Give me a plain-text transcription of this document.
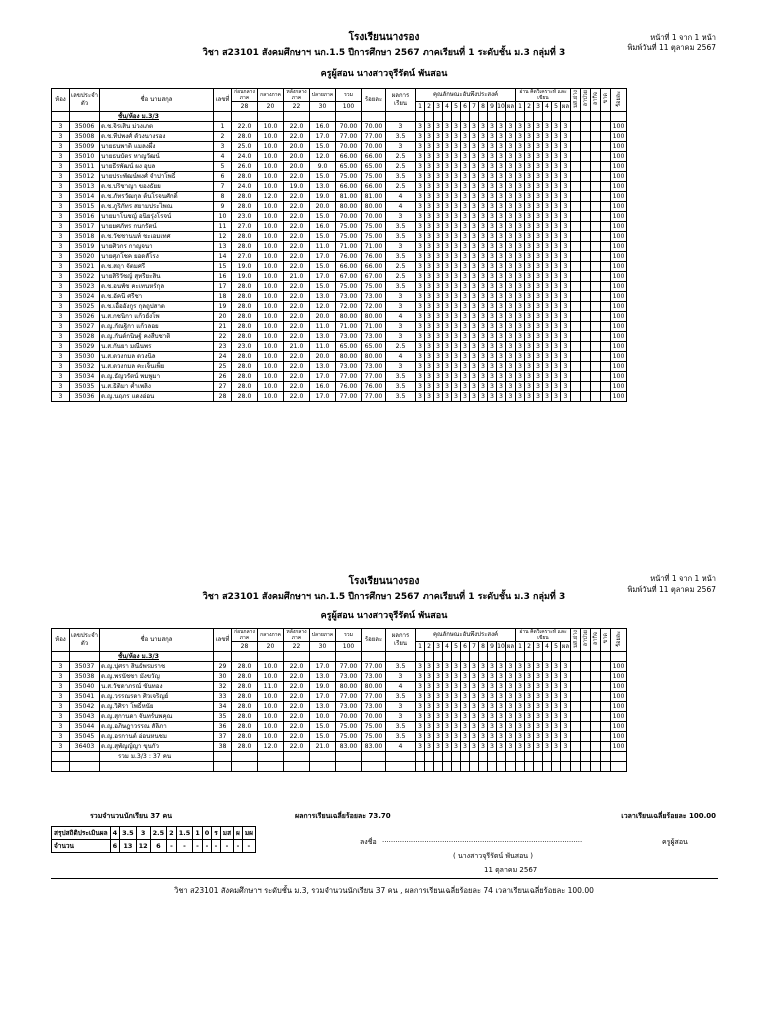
โรงเรียนนางรอง	หน้าที่ 1 จาก 1 หน้า
พิมพ์วันที่ 11 ตุลาคม 2567
วิชา ส23101 สังคมศึกษาฯ นก.1.5 ปีการศึกษา 2567 ภาคเรียนที่ 1 ระดับชั้น ม.3 กลุ่มที่ 3
ครูผู้สอน นางสาวจุรีรัตน์ พันสอน
ห้อง	เลขประจำตัว	ชื่อ นามสกุล	เลขที่	ก่อนกลางภาค	กลางภาค	หลังกลางภาค	ปลายภาค	รวม	ร้อยละ	ผลการเรียน	คุณลักษณะอันพึงประสงค์											อ่าน คิดวิเคราะห์ และเขียน						มส.ย่าง	ลาป่วย	ลากิจ	ขาด	ร้อยละ
											1	2	3	4	5	6	7	8	9	10	ผล	1	2	3	4	5	ผล					
				28	20	22	30	100																								
		ชั้น/ห้อง ม.3/3																														
3	35006	ด.ช.จิรเสิน ม่วงเภต	1	22.0	10.0	22.0	16.0	70.00	70.00	3	3	3	3	3	3	3	3	3	3	3	3	3	3	3	3	3	3					100
3	35008	ด.ช.ทีปพงศ์ ตัวงนางรอง	2	28.0	10.0	22.0	17.0	77.00	77.00	3.5	3	3	3	3	3	3	3	3	3	3	3	3	3	3	3	3	3					100
3	35009	นายธนพาติ แมลงผึ้ง	3	25.0	10.0	20.0	15.0	70.00	70.00	3	3	3	3	3	3	3	3	3	3	3	3	3	3	3	3	3	3					100
3	35010	นายธนบัตร หาญวัฒน์	4	24.0	10.0	20.0	12.0	66.00	66.00	2.5	3	3	3	3	3	3	3	3	3	3	3	3	3	3	3	3	3					100
3	35011	นายธีรพัฒน์ ผง อุบล	5	26.0	10.0	20.0	9.0	65.00	65.00	2.5	3	3	3	3	3	3	3	3	3	3	3	3	3	3	3	3	3					100
3	35012	นายประพัฒน์พงศ์ จำปาโพธิ์	6	28.0	10.0	22.0	15.0	75.00	75.00	3.5	3	3	3	3	3	3	3	3	3	3	3	3	3	3	3	3	3					100
3	35013	ด.ช.ปริชาญา ของธัยย	7	24.0	10.0	19.0	13.0	66.00	66.00	2.5	3	3	3	3	3	3	3	3	3	3	3	3	3	3	3	3	3					100
3	35014	ด.ช.ภัทรวัฒกุล ต้นโรจนศักดิ์	8	28.0	12.0	22.0	19.0	81.00	81.00	4	3	3	3	3	3	3	3	3	3	3	3	3	3	3	3	3	3					100
3	35015	ด.ช.ภูริภัทร สยามประไพณ	9	28.0	10.0	22.0	20.0	80.00	80.00	4	3	3	3	3	3	3	3	3	3	3	3	3	3	3	3	3	3					100
3	35016	นายมาโนชญ์ อนิยรุ่งโรจน์	10	23.0	10.0	22.0	15.0	70.00	70.00	3	3	3	3	3	3	3	3	3	3	3	3	3	3	3	3	3	3					100
3	35017	นายยศภัทร กนกรัตน์	11	27.0	10.0	22.0	16.0	75.00	75.00	3.5	3	3	3	3	3	3	3	3	3	3	3	3	3	3	3	3	3					100
3	35018	ด.ช.วัชชานนท์ ชะเอมเทศ	12	28.0	10.0	22.0	15.0	75.00	75.00	3.5	3	3	3	3	3	3	3	3	3	3	3	3	3	3	3	3	3					100
3	35019	นายศิวกร กาญจนา	13	28.0	10.0	22.0	11.0	71.00	71.00	3	3	3	3	3	3	3	3	3	3	3	3	3	3	3	3	3	3					100
3	35020	นายศุภโชค ยอดสัโรง	14	27.0	10.0	22.0	17.0	76.00	76.00	3.5	3	3	3	3	3	3	3	3	3	3	3	3	3	3	3	3	3					100
3	35021	ด.ช.สฤา จัตมศรี	15	19.0	10.0	22.0	15.0	66.00	66.00	2.5	3	3	3	3	3	3	3	3	3	3	3	3	3	3	3	3	3					100
3	35022	นายสิริวัชญ์ สุทรียะสิน	16	19.0	10.0	21.0	17.0	67.00	67.00	2.5	3	3	3	3	3	3	3	3	3	3	3	3	3	3	3	3	3					100
3	35023	ด.ช.อนพัช คะเทนหร์กุล	17	28.0	10.0	22.0	15.0	75.00	75.00	3.5	3	3	3	3	3	3	3	3	3	3	3	3	3	3	3	3	3					100
3	35024	ด.ช.อัคนี ศรีชา	18	28.0	10.0	22.0	13.0	73.00	73.00	3	3	3	3	3	3	3	3	3	3	3	3	3	3	3	3	3	3					100
3	35025	ด.ช.เอื้ออังกูร กุลถูปสาด	19	28.0	10.0	22.0	12.0	72.00	72.00	3	3	3	3	3	3	3	3	3	3	3	3	3	3	3	3	3	3					100
3	35026	น.ส.กชนิกา แก้วยั่งโพ	20	28.0	10.0	22.0	20.0	80.00	80.00	4	3	3	3	3	3	3	3	3	3	3	3	3	3	3	3	3	3					100
3	35027	ด.ญ.กัณฐิกา แก้วลอย	21	28.0	10.0	22.0	11.0	71.00	71.00	3	3	3	3	3	3	3	3	3	3	3	3	3	3	3	3	3	3					100
3	35028	ด.ญ.กันต์กนิษฐ์ คงสืบชาติ	22	28.0	10.0	22.0	13.0	73.00	73.00	3	3	3	3	3	3	3	3	3	3	3	3	3	3	3	3	3	3					100
3	35029	น.ส.กันยา มณีนพร	23	23.0	10.0	21.0	11.0	65.00	65.00	2.5	3	3	3	3	3	3	3	3	3	3	3	3	3	3	3	3	3					100
3	35030	น.ส.ดวงกมล ดวงนิล	24	28.0	10.0	22.0	20.0	80.00	80.00	4	3	3	3	3	3	3	3	3	3	3	3	3	3	3	3	3	3					100
3	35032	น.ส.ดวงกมล คะเจ็นเพ็ย	25	28.0	10.0	22.0	13.0	73.00	73.00	3	3	3	3	3	3	3	3	3	3	3	3	3	3	3	3	3	3					100
3	35034	ด.ญ.ธัญวรัตน์ พมพูมา	26	28.0	10.0	22.0	17.0	77.00	77.00	3.5	3	3	3	3	3	3	3	3	3	3	3	3	3	3	3	3	3					100
3	35035	น.ส.ธิติมา ค้ำเพลิง	27	28.0	10.0	22.0	16.0	76.00	76.00	3.5	3	3	3	3	3	3	3	3	3	3	3	3	3	3	3	3	3					100
3	35036	ด.ญ.นฤภร แดงอ่อน	28	28.0	10.0	22.0	17.0	77.00	77.00	3.5	3	3	3	3	3	3	3	3	3	3	3	3	3	3	3	3	3					100
โรงเรียนนางรอง	หน้าที่ 1 จาก 1 หน้า
พิมพ์วันที่ 11 ตุลาคม 2567
วิชา ส23101 สังคมศึกษาฯ นก.1.5 ปีการศึกษา 2567 ภาคเรียนที่ 1 ระดับชั้น ม.3 กลุ่มที่ 3
ครูผู้สอน นางสาวจุรีรัตน์ พันสอน
ห้อง	เลขประจำตัว	ชื่อ นามสกุล	เลขที่	ก่อนกลางภาค	กลางภาค	หลังกลางภาค	ปลายภาค	รวม	ร้อยละ	ผลการเรียน	คุณลักษณะอันพึงประสงค์											อ่าน คิดวิเคราะห์ และเขียน						มส.ย่าง	ลาป่วย	ลากิจ	ขาด	ร้อยละ
											1	2	3	4	5	6	7	8	9	10	ผล	1	2	3	4	5	ผล					
				28	20	22	30	100																								
		ชั้น/ห้อง ม.3/3																														
3	35037	ด.ญ.ปุศรา สินธ์พรมราช	29	28.0	10.0	22.0	17.0	77.00	77.00	3.5	3	3	3	3	3	3	3	3	3	3	3	3	3	3	3	3	3					100
3	35038	ด.ญ.พรนัชชา มังขวัญ	30	28.0	10.0	22.0	13.0	73.00	73.00	3	3	3	3	3	3	3	3	3	3	3	3	3	3	3	3	3	3					100
3	35040	น.ส.วัชดาภรณ์ ขันทอง	32	28.0	11.0	22.0	19.0	80.00	80.00	4	3	3	3	3	3	3	3	3	3	3	3	3	3	3	3	3	3					100
3	35041	ด.ญ.วรรณรดา ศิวเจริญย์	33	28.0	10.0	22.0	17.0	77.00	77.00	3.5	3	3	3	3	3	3	3	3	3	3	3	3	3	3	3	3	3					100
3	35042	ด.ญ.วิศิรา โพธิ์หนัย	34	28.0	10.0	22.0	13.0	73.00	73.00	3	3	3	3	3	3	3	3	3	3	3	3	3	3	3	3	3	3					100
3	35043	ด.ญ.สุกานดา จันทร์นพคุณ	35	28.0	10.0	22.0	10.0	70.00	70.00	3	3	3	3	3	3	3	3	3	3	3	3	3	3	3	3	3	3					100
3	35044	ด.ญ.อภิษฎาวรรณ สัลิภา	36	28.0	10.0	22.0	15.0	75.00	75.00	3.5	3	3	3	3	3	3	3	3	3	3	3	3	3	3	3	3	3					100
3	35045	ด.ญ.อรกานต์ อ่อนหนชม	37	28.0	10.0	22.0	15.0	75.00	75.00	3.5	3	3	3	3	3	3	3	3	3	3	3	3	3	3	3	3	3					100
3	36403	ด.ญ.สุพัญญ์ญา ขุนกัว	38	28.0	12.0	22.0	21.0	83.00	83.00	4	3	3	3	3	3	3	3	3	3	3	3	3	3	3	3	3	3					100
		รวม ม.3/3 : 37 คน																														

รวมจำนวนนักเรียน 37 คน	ผลการเรียนเฉลี่ยร้อยละ 73.70	เวลาเรียนเฉลี่ยร้อยละ 100.00
สรุปสถิติประเมินผล	4	3.5	3	2.5	2	1.5	1	0	ร	มส	ผ	มผ
จำนวน	6	13	12	6	-	-	-	-	-	-	-	-	ลงชื่อ ..........................................................................................	ครูผู้สอน
( นางสาวจุรีรัตน์ พันสอน )
11 ตุลาคม 2567
วิชา ส23101 สังคมศึกษาฯ ระดับชั้น ม.3, รวมจำนวนนักเรียน 37 คน , ผลการเรียนเฉลี่ยร้อยละ 74 เวลาเรียนเฉลี่ยร้อยละ 100.00
